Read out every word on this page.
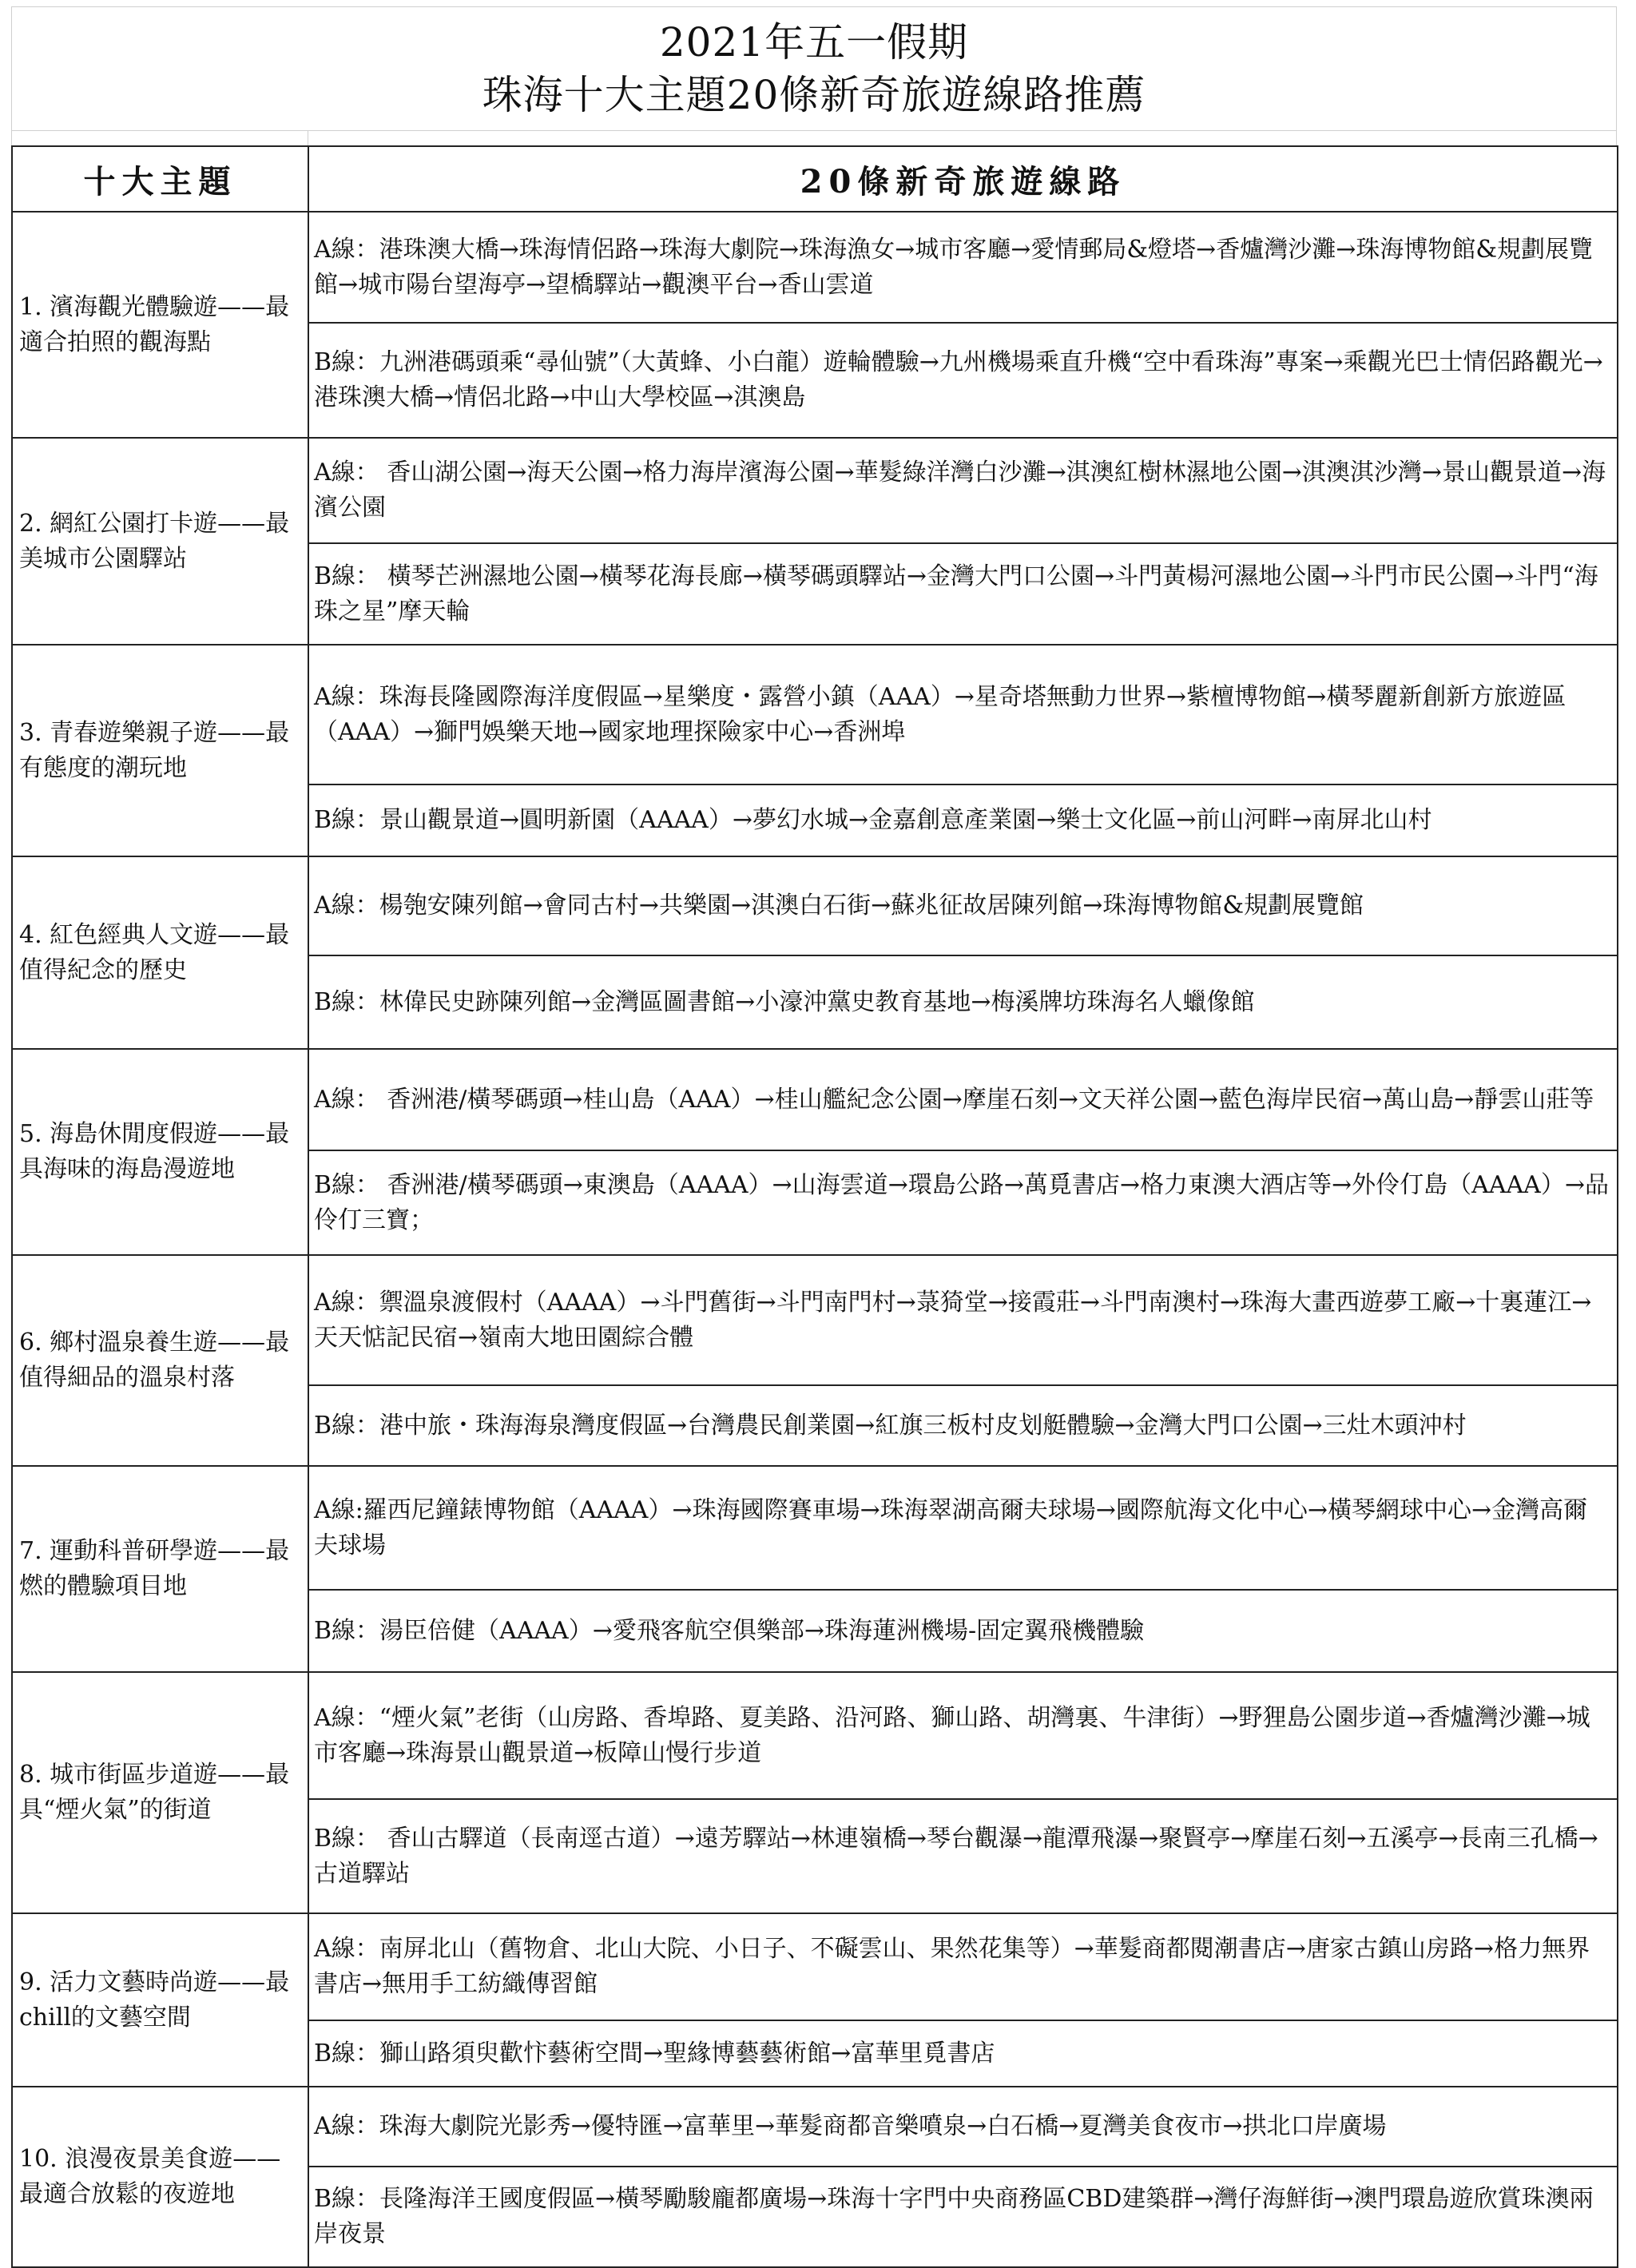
2021年五一假期
珠海十大主題20條新奇旅遊線路推薦
十大主題	20條新奇旅遊線路
1. 濱海觀光體驗遊——最適合拍照的觀海點	A線：港珠澳大橋→珠海情侶路→珠海大劇院→珠海漁女→城市客廳→愛情郵局&燈塔→香爐灣沙灘→珠海博物館&規劃展覽館→城市陽台望海亭→望橋驛站→觀澳平台→香山雲道
	B線：九洲港碼頭乘“尋仙號”（大黃蜂、小白龍）遊輪體驗→九州機場乘直升機“空中看珠海”專案→乘觀光巴士情侶路觀光→港珠澳大橋→情侶北路→中山大學校區→淇澳島
2. 網紅公園打卡遊——最美城市公園驛站	A線： 香山湖公園→海天公園→格力海岸濱海公園→華髮綠洋灣白沙灘→淇澳紅樹林濕地公園→淇澳淇沙灣→景山觀景道→海濱公園
	B線： 橫琴芒洲濕地公園→橫琴花海長廊→橫琴碼頭驛站→金灣大門口公園→斗門黃楊河濕地公園→斗門市民公園→斗門“海珠之星”摩天輪
3. 青春遊樂親子遊——最有態度的潮玩地	A線：珠海長隆國際海洋度假區→星樂度・露營小鎮（AAA）→星奇塔無動力世界→紫檀博物館→橫琴麗新創新方旅遊區（AAA）→獅門娛樂天地→國家地理探險家中心→香洲埠
	B線：景山觀景道→圓明新園（AAAA）→夢幻水城→金嘉創意產業園→樂士文化區→前山河畔→南屏北山村
4. 紅色經典人文遊——最值得紀念的歷史	A線：楊匏安陳列館→會同古村→共樂園→淇澳白石街→蘇兆征故居陳列館→珠海博物館&規劃展覽館
	B線：林偉民史跡陳列館→金灣區圖書館→小濠沖黨史教育基地→梅溪牌坊珠海名人蠟像館
5. 海島休閒度假遊——最具海味的海島漫遊地	A線： 香洲港/橫琴碼頭→桂山島（AAA）→桂山艦紀念公園→摩崖石刻→文天祥公園→藍色海岸民宿→萬山島→靜雲山莊等
	B線： 香洲港/橫琴碼頭→東澳島（AAAA）→山海雲道→環島公路→萬覓書店→格力東澳大酒店等→外伶仃島（AAAA）→品伶仃三寶；
6. 鄉村溫泉養生遊——最值得細品的溫泉村落	A線：禦溫泉渡假村（AAAA）→斗門舊街→斗門南門村→菉猗堂→接霞莊→斗門南澳村→珠海大畫西遊夢工廠→十裏蓮江→天天惦記民宿→嶺南大地田園綜合體
	B線：港中旅・珠海海泉灣度假區→台灣農民創業園→紅旗三板村皮划艇體驗→金灣大門口公園→三灶木頭沖村
7. 運動科普研學遊——最燃的體驗項目地	A線:羅西尼鐘錶博物館（AAAA）→珠海國際賽車場→珠海翠湖高爾夫球場→國際航海文化中心→橫琴網球中心→金灣高爾夫球場
	B線：湯臣倍健（AAAA）→愛飛客航空俱樂部→珠海蓮洲機場-固定翼飛機體驗
8. 城市街區步道遊——最具“煙火氣”的街道	A線：“煙火氣”老街（山房路、香埠路、夏美路、沿河路、獅山路、胡灣裏、牛津街）→野狸島公園步道→香爐灣沙灘→城市客廳→珠海景山觀景道→板障山慢行步道
	B線： 香山古驛道（長南逕古道）→遠芳驛站→林連嶺橋→琴台觀瀑→龍潭飛瀑→聚賢亭→摩崖石刻→五溪亭→長南三孔橋→古道驛站
9. 活力文藝時尚遊——最chill的文藝空間	A線：南屏北山（舊物倉、北山大院、小日子、不礙雲山、果然花集等）→華髮商都閱潮書店→唐家古鎮山房路→格力無界書店→無用手工紡織傳習館
	B線：獅山路須臾歡忭藝術空間→聖緣博藝藝術館→富華里覓書店
10. 浪漫夜景美食遊——最適合放鬆的夜遊地	A線：珠海大劇院光影秀→優特匯→富華里→華髮商都音樂噴泉→白石橋→夏灣美食夜市→拱北口岸廣場
	B線：長隆海洋王國度假區→橫琴勵駿龐都廣場→珠海十字門中央商務區CBD建築群→灣仔海鮮街→澳門環島遊欣賞珠澳兩岸夜景
